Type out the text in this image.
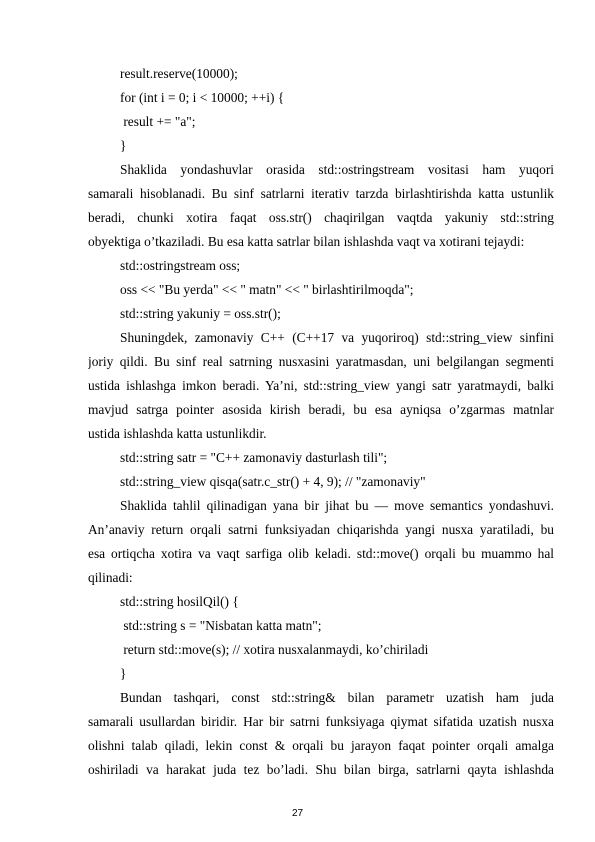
result.reserve(10000);
for (int i = 0; i < 10000; ++i) {
result += "a";
}
Shaklida yondashuvlar orasida std::ostringstream vositasi ham yuqori
samarali hisoblanadi. Bu sinf satrlarni iterativ tarzda birlashtirishda katta ustunlik
beradi, chunki xotira faqat oss.str() chaqirilgan vaqtda yakuniy std::string
obyektiga o’tkaziladi. Bu esa katta satrlar bilan ishlashda vaqt va xotirani tejaydi:
std::ostringstream oss;
oss << "Bu yerda" << " matn" << " birlashtirilmoqda";
std::string yakuniy = oss.str();
Shuningdek, zamonaviy C++ (C++17 va yuqoriroq) std::string_view sinfini
joriy qildi. Bu sinf real satrning nusxasini yaratmasdan, uni belgilangan segmenti
ustida ishlashga imkon beradi. Ya’ni, std::string_view yangi satr yaratmaydi, balki
mavjud satrga pointer asosida kirish beradi, bu esa ayniqsa o’zgarmas matnlar
ustida ishlashda katta ustunlikdir.
std::string satr = "C++ zamonaviy dasturlash tili";
std::string_view qisqa(satr.c_str() + 4, 9); // "zamonaviy"
Shaklida tahlil qilinadigan yana bir jihat bu — move semantics yondashuvi.
An’anaviy return orqali satrni funksiyadan chiqarishda yangi nusxa yaratiladi, bu
esa ortiqcha xotira va vaqt sarfiga olib keladi. std::move() orqali bu muammo hal
qilinadi:
std::string hosilQil() {
std::string s = "Nisbatan katta matn";
return std::move(s); // xotira nusxalanmaydi, ko’chiriladi
}
Bundan tashqari, const std::string& bilan parametr uzatish ham juda
samarali usullardan biridir. Har bir satrni funksiyaga qiymat sifatida uzatish nusxa
olishni talab qiladi, lekin const & orqali bu jarayon faqat pointer orqali amalga
oshiriladi va harakat juda tez bo’ladi. Shu bilan birga, satrlarni qayta ishlashda
27
